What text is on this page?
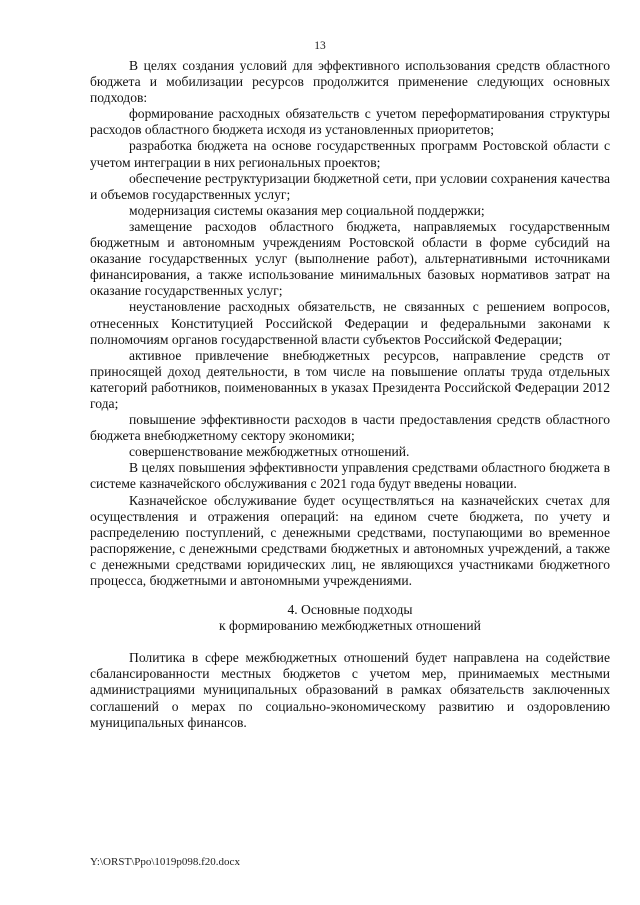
13

В целях создания условий для эффективного использования средств областного бюджета и мобилизации ресурсов продолжится применение следующих основных подходов:

формирование расходных обязательств с учетом переформатирования структуры расходов областного бюджета исходя из установленных приоритетов;

разработка бюджета на основе государственных программ Ростовской области с учетом интеграции в них региональных проектов;

обеспечение реструктуризации бюджетной сети, при условии сохранения качества и объемов государственных услуг;

модернизация системы оказания мер социальной поддержки;

замещение расходов областного бюджета, направляемых государственным бюджетным и автономным учреждениям Ростовской области в форме субсидий на оказание государственных услуг (выполнение работ), альтернативными источниками финансирования, а также использование минимальных базовых нормативов затрат на оказание государственных услуг;

неустановление расходных обязательств, не связанных с решением вопросов, отнесенных Конституцией Российской Федерации и федеральными законами к полномочиям органов государственной власти субъектов Российской Федерации;

активное привлечение внебюджетных ресурсов, направление средств от приносящей доход деятельности, в том числе на повышение оплаты труда отдельных категорий работников, поименованных в указах Президента Российской Федерации 2012 года;

повышение эффективности расходов в части предоставления средств областного бюджета внебюджетному сектору экономики;

совершенствование межбюджетных отношений.

В целях повышения эффективности управления средствами областного бюджета в системе казначейского обслуживания с 2021 года будут введены новации.

Казначейское обслуживание будет осуществляться на казначейских счетах для осуществления и отражения операций: на едином счете бюджета, по учету и распределению поступлений, с денежными средствами, поступающими во временное распоряжение, с денежными средствами бюджетных и автономных учреждений, а также с денежными средствами юридических лиц, не являющихся участниками бюджетного процесса, бюджетными и автономными учреждениями.

4. Основные подходы

к формированию межбюджетных отношений

Политика в сфере межбюджетных отношений будет направлена на содействие сбалансированности местных бюджетов с учетом мер, принимаемых местными администрациями муниципальных образований в рамках обязательств заключенных соглашений о мерах по социально-экономическому развитию и оздоровлению муниципальных финансов.

Y:\ORST\Ppo\1019p098.f20.docx
